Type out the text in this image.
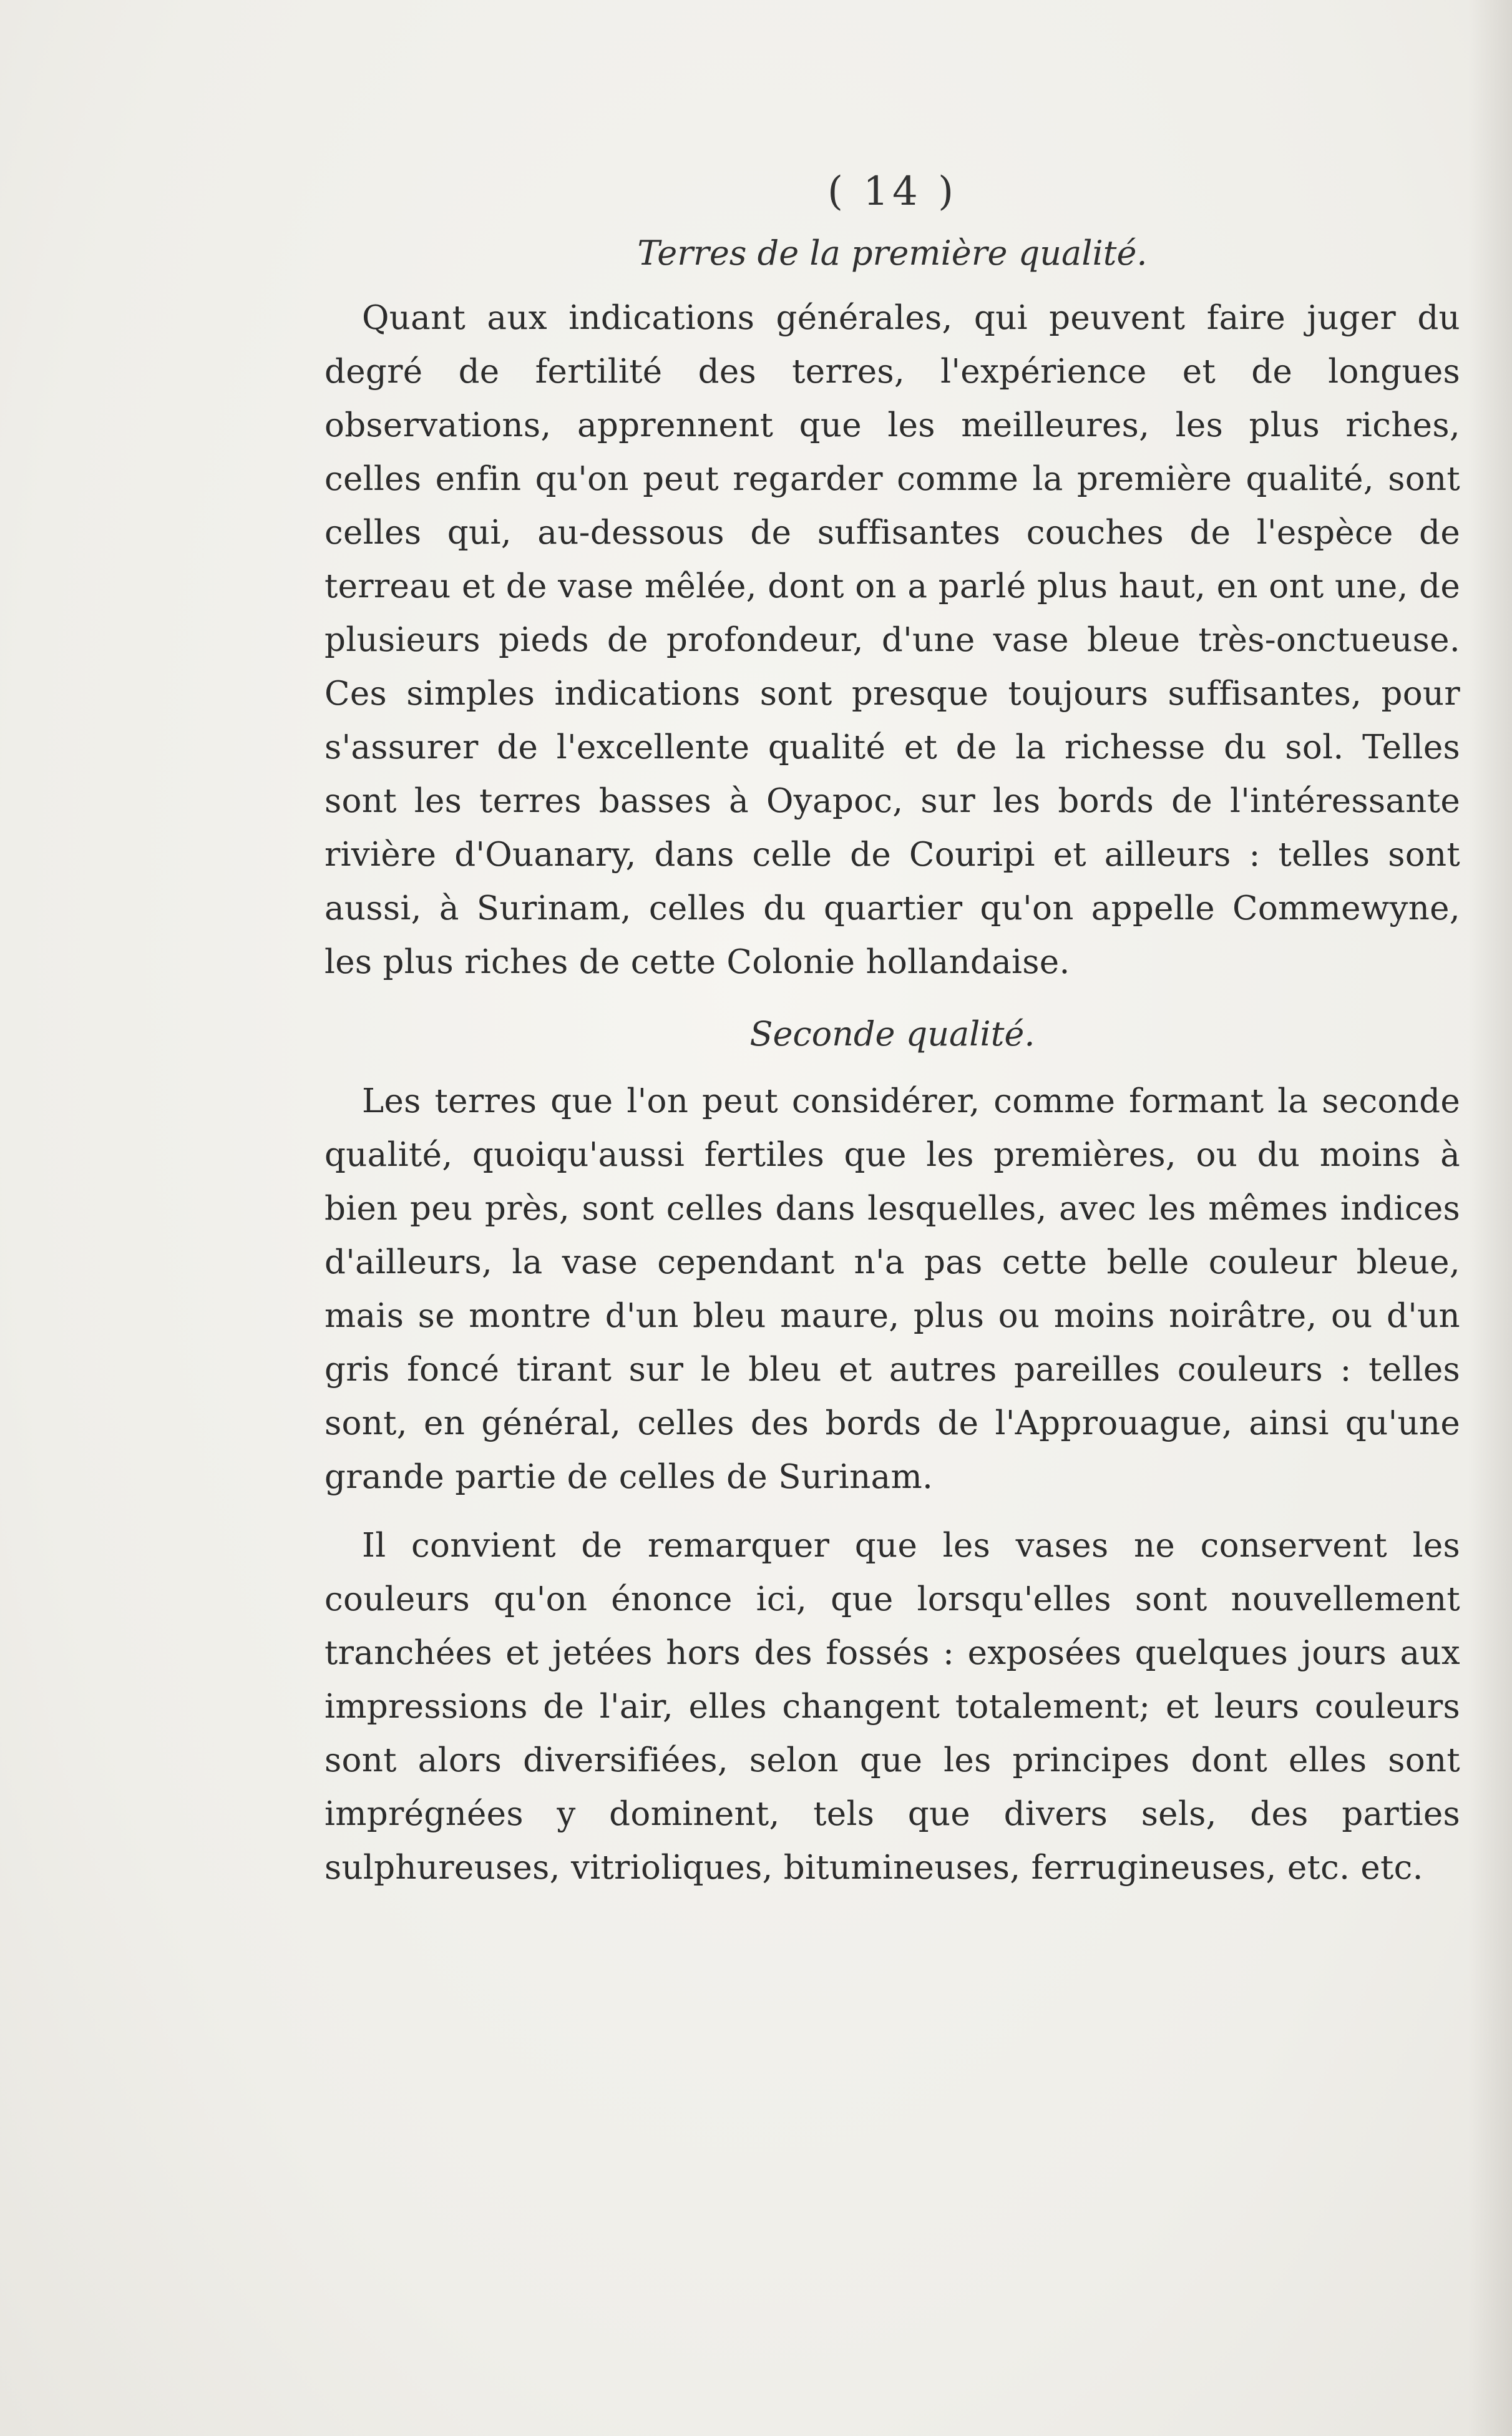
( 14 )
Terres de la première qualité.

Quant aux indications générales, qui peuvent faire juger du degré de fertilité des terres, l'expérience et de longues observations, apprennent que les meilleures, les plus riches, celles enfin qu'on peut regarder comme la première qualité, sont celles qui, au-dessous de suffisantes couches de l'espèce de terreau et de vase mêlée, dont on a parlé plus haut, en ont une, de plusieurs pieds de profondeur, d'une vase bleue très-onctueuse. Ces simples indications sont presque toujours suffisantes, pour s'assurer de l'excellente qualité et de la richesse du sol. Telles sont les terres basses à Oyapoc, sur les bords de l'intéressante rivière d'Ouanary, dans celle de Couripi et ailleurs : telles sont aussi, à Surinam, celles du quartier qu'on appelle Commewyne, les plus riches de cette Colonie hollandaise.

Seconde qualité.

Les terres que l'on peut considérer, comme formant la seconde qualité, quoiqu'aussi fertiles que les premières, ou du moins à bien peu près, sont celles dans lesquelles, avec les mêmes indices d'ailleurs, la vase cependant n'a pas cette belle couleur bleue, mais se montre d'un bleu maure, plus ou moins noirâtre, ou d'un gris foncé tirant sur le bleu et autres pareilles couleurs : telles sont, en général, celles des bords de l'Approuague, ainsi qu'une grande partie de celles de Surinam.

Il convient de remarquer que les vases ne conservent les couleurs qu'on énonce ici, que lorsqu'elles sont nouvellement tranchées et jetées hors des fossés : exposées quelques jours aux impressions de l'air, elles changent totalement; et leurs couleurs sont alors diversifiées, selon que les principes dont elles sont imprégnées y dominent, tels que divers sels, des parties sulphureuses, vitrioliques, bitumineuses, ferrugineuses, etc. etc.
